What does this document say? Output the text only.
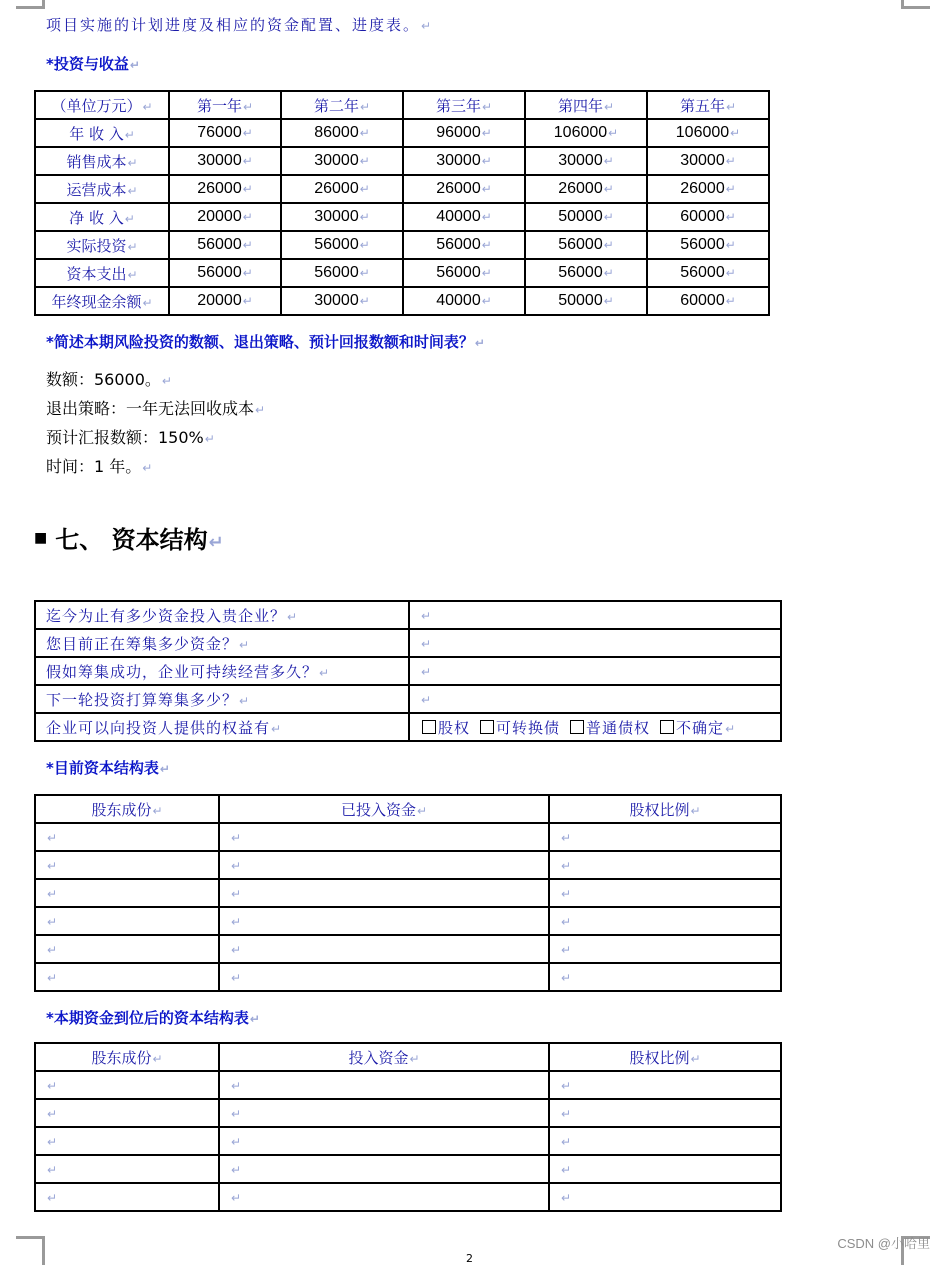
项目实施的计划进度及相应的资金配置、进度表。↵
*投资与收益↵
（单位万元）↵	第一年↵	第二年↵	第三年↵	第四年↵	第五年↵
年 收 入↵	76000↵	86000↵	96000↵	106000↵	106000↵
销售成本↵	30000↵	30000↵	30000↵	30000↵	30000↵
运营成本↵	26000↵	26000↵	26000↵	26000↵	26000↵
净 收 入↵	20000↵	30000↵	40000↵	50000↵	60000↵
实际投资↵	56000↵	56000↵	56000↵	56000↵	56000↵
资本支出↵	56000↵	56000↵	56000↵	56000↵	56000↵
年终现金余额↵	20000↵	30000↵	40000↵	50000↵	60000↵
*简述本期风险投资的数额、退出策略、预计回报数额和时间表？↵
数额：56000。↵
退出策略：一年无法回收成本↵
预计汇报数额：150%↵
时间：1 年。↵
■ 七、 资本结构↵
迄今为止有多少资金投入贵企业？↵	↵
您目前正在筹集多少资金？↵	↵
假如筹集成功，企业可持续经营多久？↵	↵
下一轮投资打算筹集多少？↵	↵
企业可以向投资人提供的权益有↵	股权 可转换债 普通债权 不确定↵
*目前资本结构表↵
股东成份↵	已投入资金↵	股权比例↵
↵	↵	↵
↵	↵	↵
↵	↵	↵
↵	↵	↵
↵	↵	↵
↵	↵	↵
*本期资金到位后的资本结构表↵
股东成份↵	投入资金↵	股权比例↵
↵	↵	↵
↵	↵	↵
↵	↵	↵
↵	↵	↵
↵	↵	↵
2
CSDN @小哈里
